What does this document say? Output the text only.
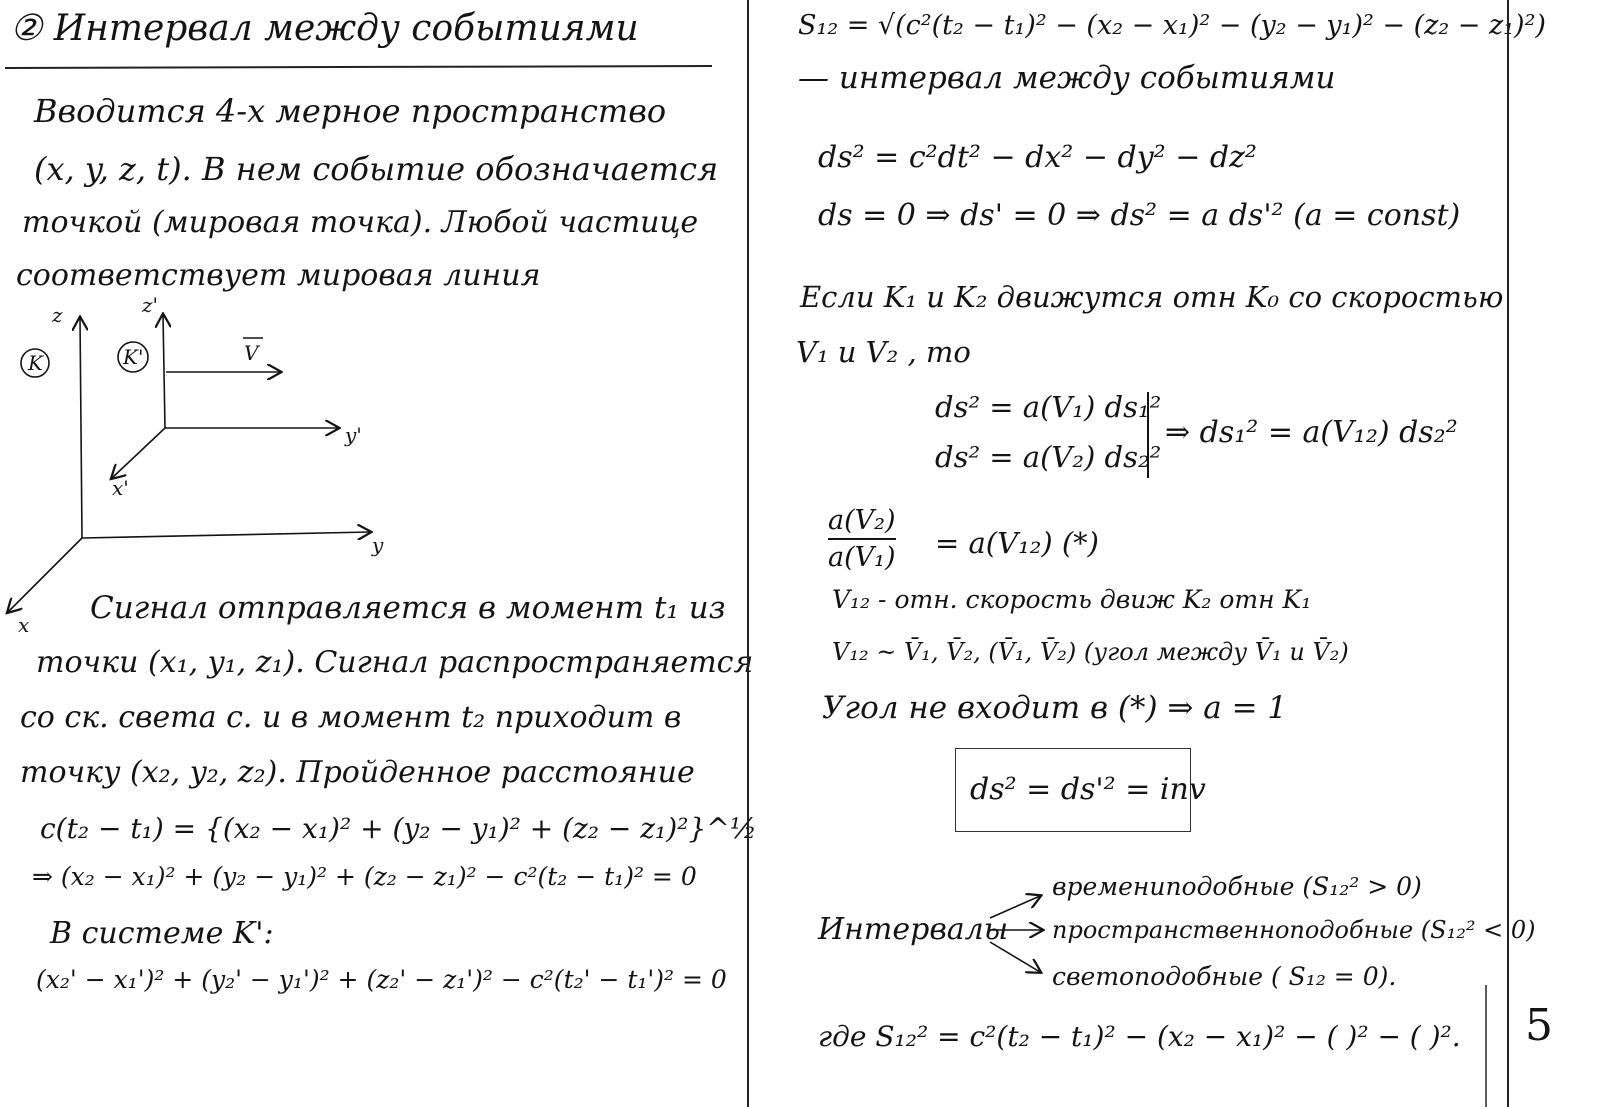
② Интервал между событиями
Вводится 4-х мерное пространство
(x, y, z, t). В нем событие обозначается
точкой (мировая точка). Любой частице
соответствует мировая линия
Сигнал отправляется в момент t₁ из
точки (x₁, y₁, z₁). Сигнал распространяется
со ск. света c. и в момент t₂ приходит в
точку (x₂, y₂, z₂). Пройденное расстояние
c(t₂ − t₁) = {(x₂ − x₁)² + (y₂ − y₁)² + (z₂ − z₁)²}^½
⇒ (x₂ − x₁)² + (y₂ − y₁)² + (z₂ − z₁)² − c²(t₂ − t₁)² = 0
В системе K':
(x₂' − x₁')² + (y₂' − y₁')² + (z₂' − z₁')² − c²(t₂' − t₁')² = 0
S₁₂ = √(c²(t₂ − t₁)² − (x₂ − x₁)² − (y₂ − y₁)² − (z₂ − z₁)²)
— интервал между событиями
ds² = c²dt² − dx² − dy² − dz²
ds = 0 ⇒ ds' = 0 ⇒ ds² = a ds'² (a = const)
Если K₁ и K₂ движутся отн K₀ со скоростью
V₁ и V₂ , то
ds² = a(V₁) ds₁²
ds² = a(V₂) ds₂²
⇒ ds₁² = a(V₁₂) ds₂²
a(V₂)
a(V₁) = a(V₁₂) (*)
V₁₂ - отн. скорость движ K₂ отн K₁
V₁₂ ~ V̄₁, V̄₂, (V̄₁, V̄₂) (угол между V̄₁ и V̄₂)
Угол не входит в (*) ⇒ a = 1
ds² = ds'² = inv
Интервалы
времениподобные (S₁₂² > 0)
пространственноподобные (S₁₂² < 0)
светоподобные ( S₁₂ = 0).
где S₁₂² = c²(t₂ − t₁)² − (x₂ − x₁)² − ( )² − ( )². 5
K	K'
z	z'
y
y'
x
x'
V
